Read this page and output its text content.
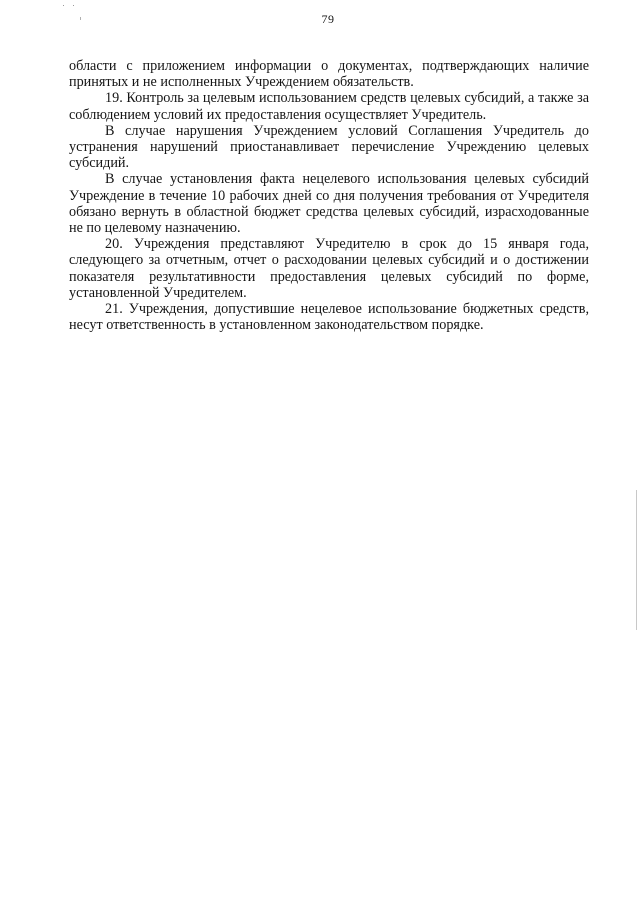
79

области с приложением информации о документах, подтверждающих наличие принятых и не исполненных Учреждением обязательств.

19. Контроль за целевым использованием средств целевых субсидий, а также за соблюдением условий их предоставления осуществляет Учредитель.

В случае нарушения Учреждением условий Соглашения Учредитель до устранения нарушений приостанавливает перечисление Учреждению целевых субсидий.

В случае установления факта нецелевого использования целевых субсидий Учреждение в течение 10 рабочих дней со дня получения требования от Учредителя обязано вернуть в областной бюджет средства целевых субсидий, израсходованные не по целевому назначению.

20. Учреждения представляют Учредителю в срок до 15 января года, следующего за отчетным, отчет о расходовании целевых субсидий и о достижении показателя результативности предоставления целевых субсидий по форме, установленной Учредителем.

21. Учреждения, допустившие нецелевое использование бюджетных средств, несут ответственность в установленном законодательством порядке.
